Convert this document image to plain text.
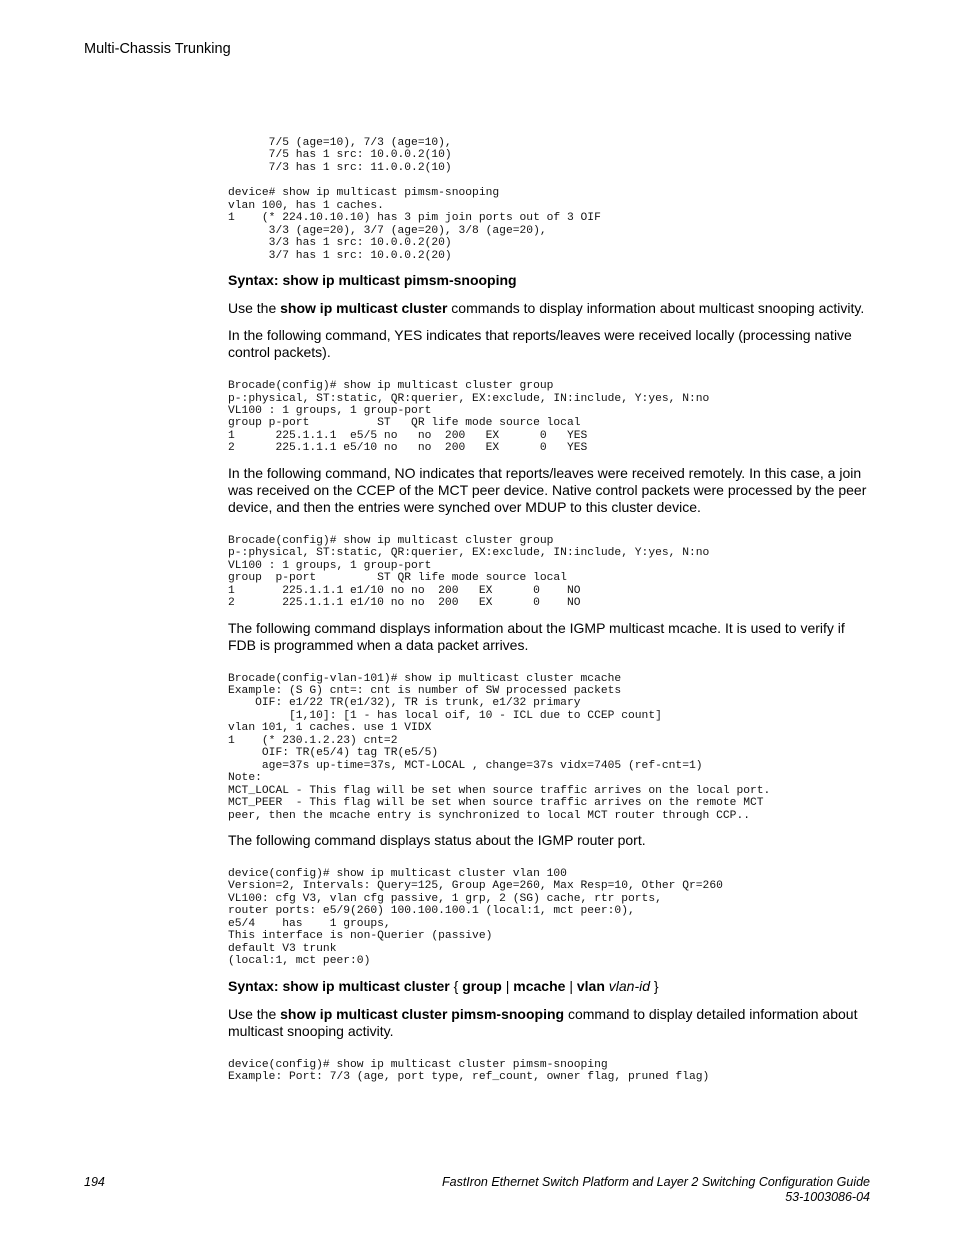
Multi-Chassis Trunking
7/5 (age=10), 7/3 (age=10),
7/5 has 1 src: 10.0.0.2(10)
7/3 has 1 src: 11.0.0.2(10)
device# show ip multicast pimsm-snooping
vlan 100, has 1 caches.
1    (* 224.10.10.10) has 3 pim join ports out of 3 OIF
3/3 (age=20), 3/7 (age=20), 3/8 (age=20),
3/3 has 1 src: 10.0.0.2(20)
3/7 has 1 src: 10.0.0.2(20)

Syntax: show ip multicast pimsm-snooping

Use the show ip multicast cluster commands to display information about multicast snooping activity.

In the following command, YES indicates that reports/leaves were received locally (processing native control packets).

Brocade(config)# show ip multicast cluster group
p-:physical, ST:static, QR:querier, EX:exclude, IN:include, Y:yes, N:no
VL100 : 1 groups, 1 group-port
group p-port          ST   QR life mode source local
1      225.1.1.1  e5/5 no   no  200   EX      0   YES
2      225.1.1.1 e5/10 no   no  200   EX      0   YES

In the following command, NO indicates that reports/leaves were received remotely. In this case, a join was received on the CCEP of the MCT peer device. Native control packets were processed by the peer device, and then the entries were synched over MDUP to this cluster device.

Brocade(config)# show ip multicast cluster group
p-:physical, ST:static, QR:querier, EX:exclude, IN:include, Y:yes, N:no
VL100 : 1 groups, 1 group-port
group  p-port         ST QR life mode source local
1       225.1.1.1 e1/10 no no  200   EX      0    NO
2       225.1.1.1 e1/10 no no  200   EX      0    NO

The following command displays information about the IGMP multicast mcache. It is used to verify if FDB is programmed when a data packet arrives.

Brocade(config-vlan-101)# show ip multicast cluster mcache
Example: (S G) cnt=: cnt is number of SW processed packets
OIF: e1/22 TR(e1/32), TR is trunk, e1/32 primary
[1,10]: [1 - has local oif, 10 - ICL due to CCEP count]
vlan 101, 1 caches. use 1 VIDX
1    (* 230.1.2.23) cnt=2
OIF: TR(e5/4) tag TR(e5/5)
age=37s up-time=37s, MCT-LOCAL , change=37s vidx=7405 (ref-cnt=1)
Note:
MCT_LOCAL - This flag will be set when source traffic arrives on the local port.
MCT_PEER  - This flag will be set when source traffic arrives on the remote MCT
peer, then the mcache entry is synchronized to local MCT router through CCP..

The following command displays status about the IGMP router port.

device(config)# show ip multicast cluster vlan 100
Version=2, Intervals: Query=125, Group Age=260, Max Resp=10, Other Qr=260
VL100: cfg V3, vlan cfg passive, 1 grp, 2 (SG) cache, rtr ports,
router ports: e5/9(260) 100.100.100.1 (local:1, mct peer:0),
e5/4    has    1 groups,
This interface is non-Querier (passive)
default V3 trunk
(local:1, mct peer:0)

Syntax: show ip multicast cluster { group | mcache | vlan vlan-id }

Use the show ip multicast cluster pimsm-snooping command to display detailed information about multicast snooping activity.

device(config)# show ip multicast cluster pimsm-snooping
Example: Port: 7/3 (age, port type, ref_count, owner flag, pruned flag)
194	FastIron Ethernet Switch Platform and Layer 2 Switching Configuration Guide
53-1003086-04
